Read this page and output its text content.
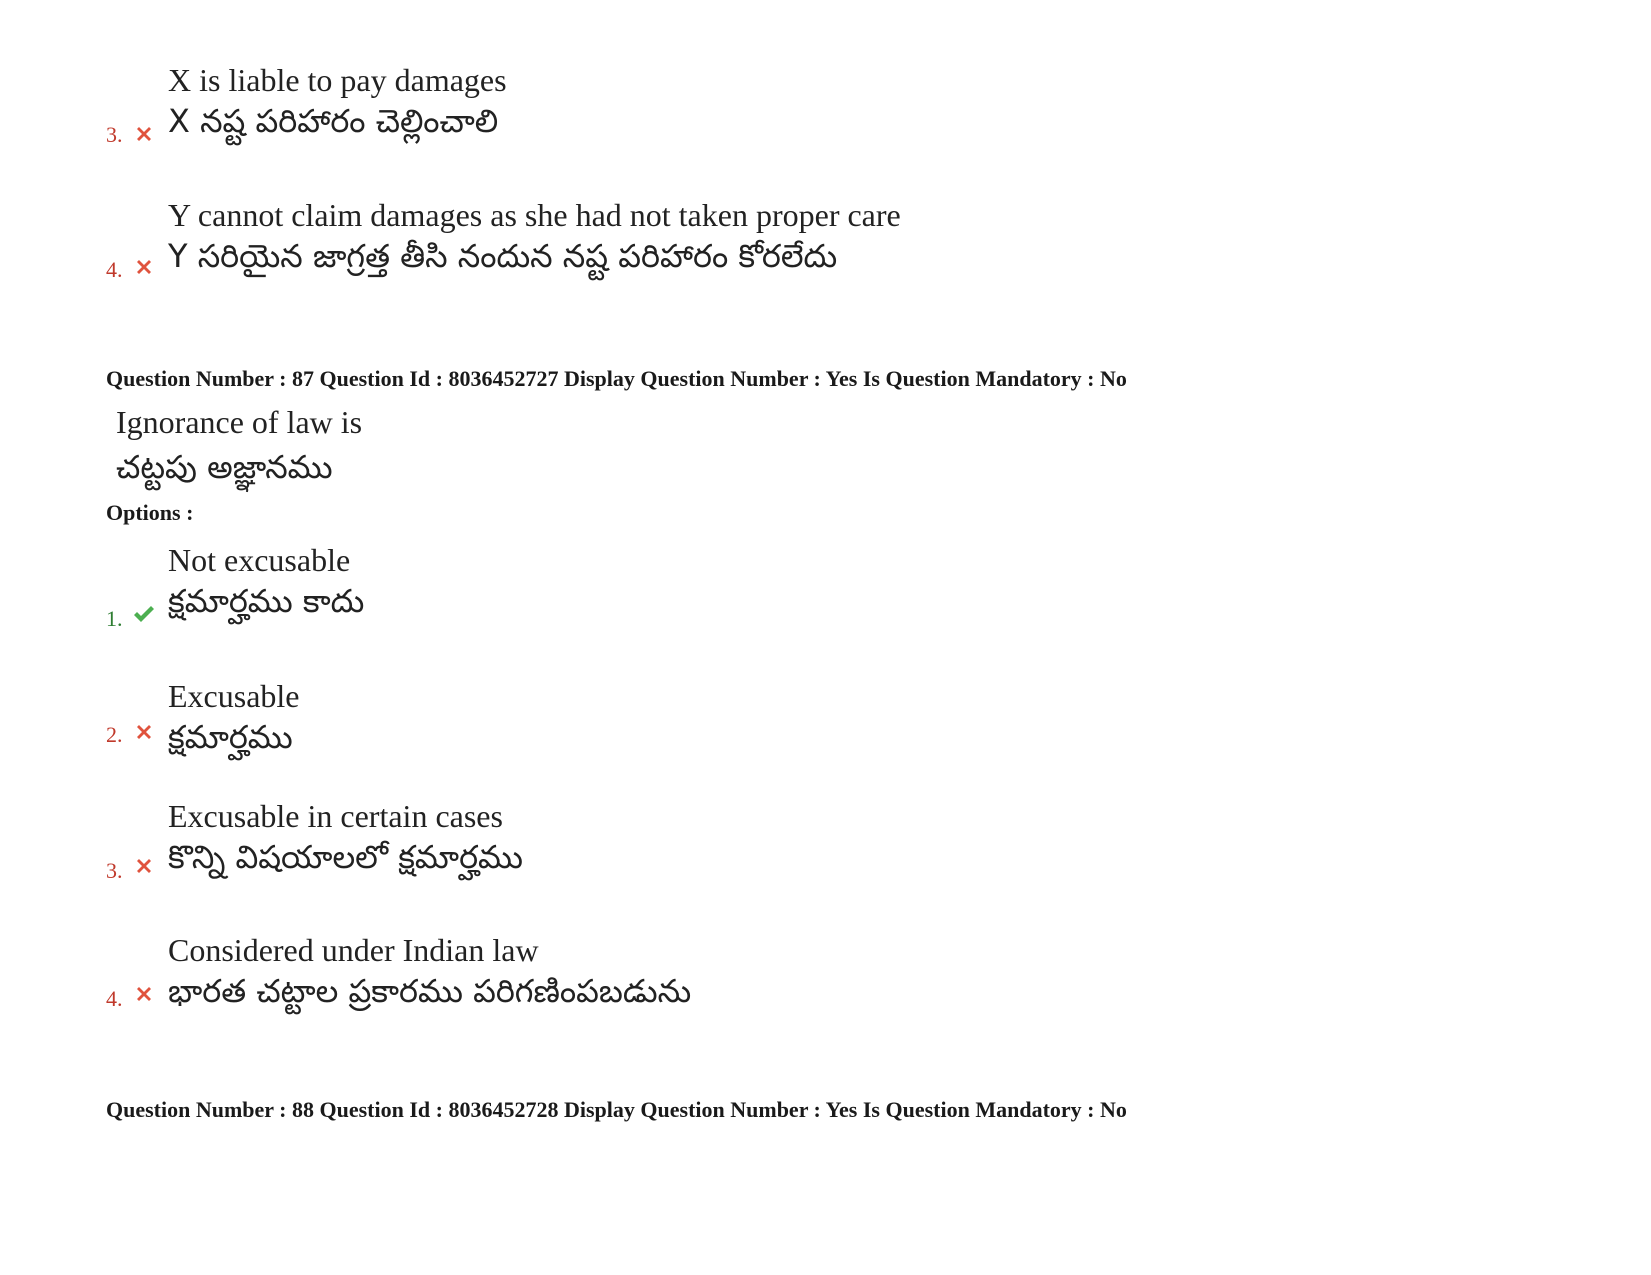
X is liable to pay damages
X నష్ట పరిహారం చెల్లించాలి
3.
Y cannot claim damages as she had not taken proper care
Y సరియైన జాగ్రత్త తీసి నందున నష్ట పరిహారం కోరలేదు
4.
Question Number : 87 Question Id : 8036452727 Display Question Number : Yes Is Question Mandatory : No
Ignorance of law is
చట్టపు అజ్ఞానము
Options :
Not excusable
క్షమార్హము కాదు
1.
Excusable
క్షమార్హము
2.
Excusable in certain cases
కొన్ని విషయాలలో క్షమార్హము
3.
Considered under Indian law
భారత చట్టాల ప్రకారము పరిగణింపబడును
4.
Question Number : 88 Question Id : 8036452728 Display Question Number : Yes Is Question Mandatory : No
